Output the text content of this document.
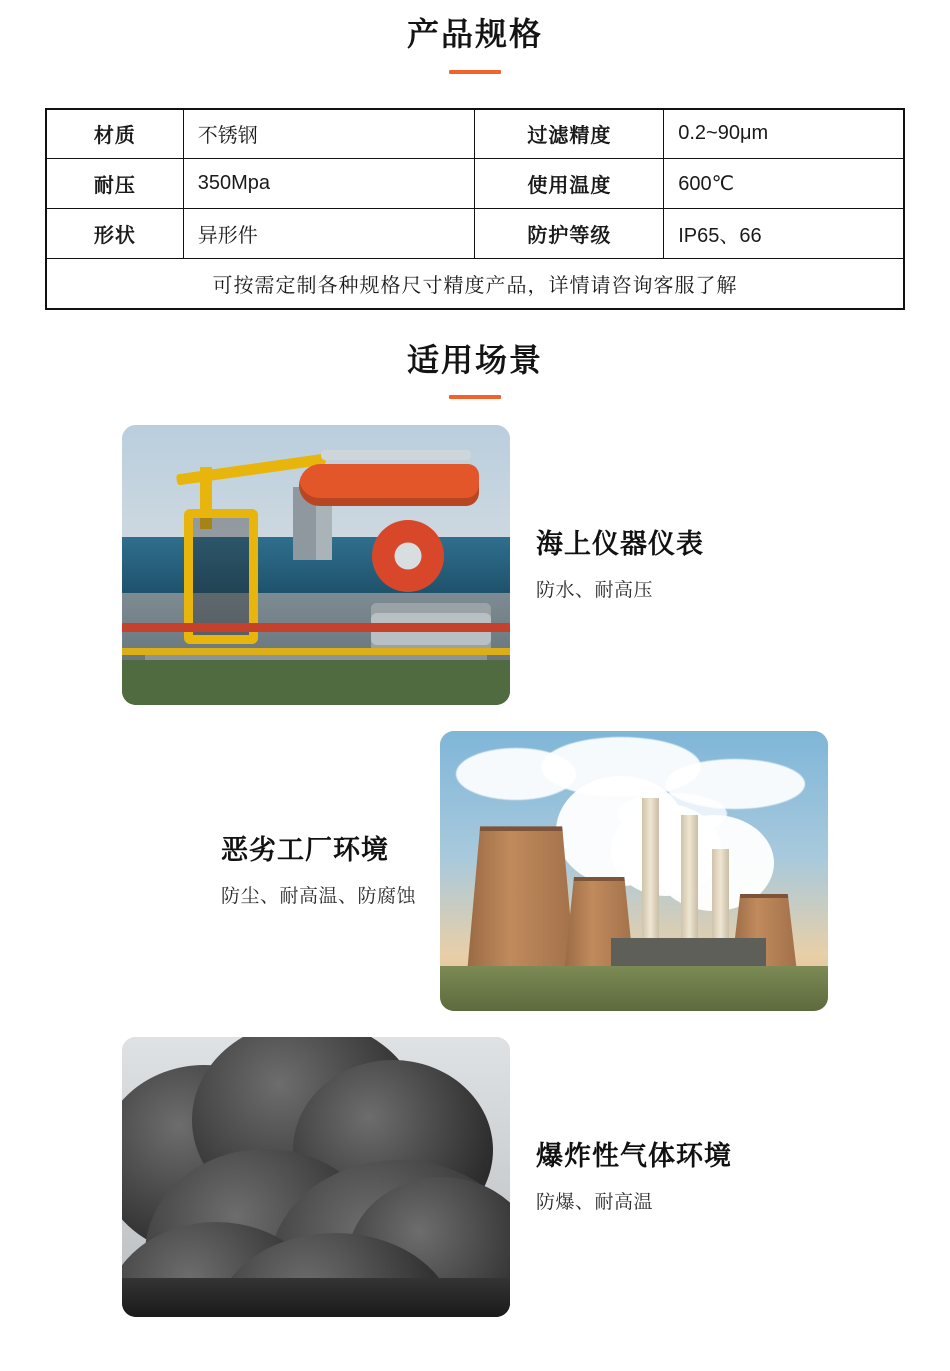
产品规格
材质	不锈钢	过滤精度	0.2~90μm
耐压	350Mpa	使用温度	600℃
形状	异形件	防护等级	IP65、66
可按需定制各种规格尺寸精度产品，详情请咨询客服了解			
适用场景
海上仪器仪表
防水、耐高压
恶劣工厂环境
防尘、耐高温、防腐蚀
爆炸性气体环境
防爆、耐高温
